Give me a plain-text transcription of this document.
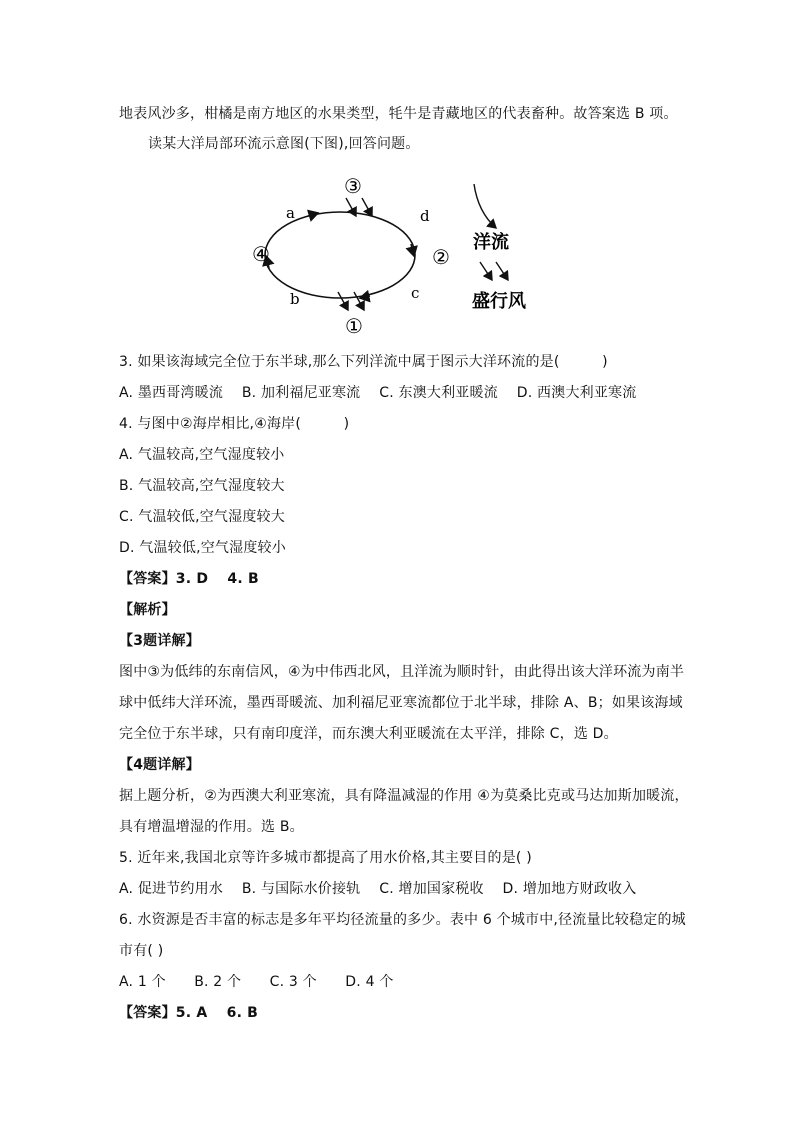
地表风沙多，柑橘是南方地区的水果类型，牦牛是青藏地区的代表畜种。故答案选 B 项。
读某大洋局部环流示意图(下图),回答问题。
③
a	d
④	②
b	c
①
洋流
盛行风
3. 如果该海域完全位于东半球,那么下列洋流中属于图示大洋环流的是(　　　)
A. 墨西哥湾暖流　 B. 加利福尼亚寒流　 C. 东澳大利亚暖流　 D. 西澳大利亚寒流
4. 与图中②海岸相比,④海岸(　　　)
A. 气温较高,空气湿度较小
B. 气温较高,空气湿度较大
C. 气温较低,空气湿度较大
D. 气温较低,空气湿度较小
【答案】3. D　 4. B
【解析】
【3题详解】
图中③为低纬的东南信风，④为中伟西北风，且洋流为顺时针，由此得出该大洋环流为南半
球中低纬大洋环流，墨西哥暖流、加利福尼亚寒流都位于北半球，排除 A、B；如果该海域
完全位于东半球，只有南印度洋，而东澳大利亚暖流在太平洋，排除 C，选 D。
【4题详解】
据上题分析，②为西澳大利亚寒流，具有降温减湿的作用 ④为莫桑比克或马达加斯加暖流，
具有增温增湿的作用。选 B。
5. 近年来,我国北京等许多城市都提高了用水价格,其主要目的是( )
A. 促进节约用水　 B. 与国际水价接轨　 C. 增加国家税收　 D. 增加地方财政收入
6. 水资源是否丰富的标志是多年平均径流量的多少。表中 6 个城市中,径流量比较稳定的城
市有( )
A. 1 个　　B. 2 个　　C. 3 个　　D. 4 个
【答案】5. A　 6. B
